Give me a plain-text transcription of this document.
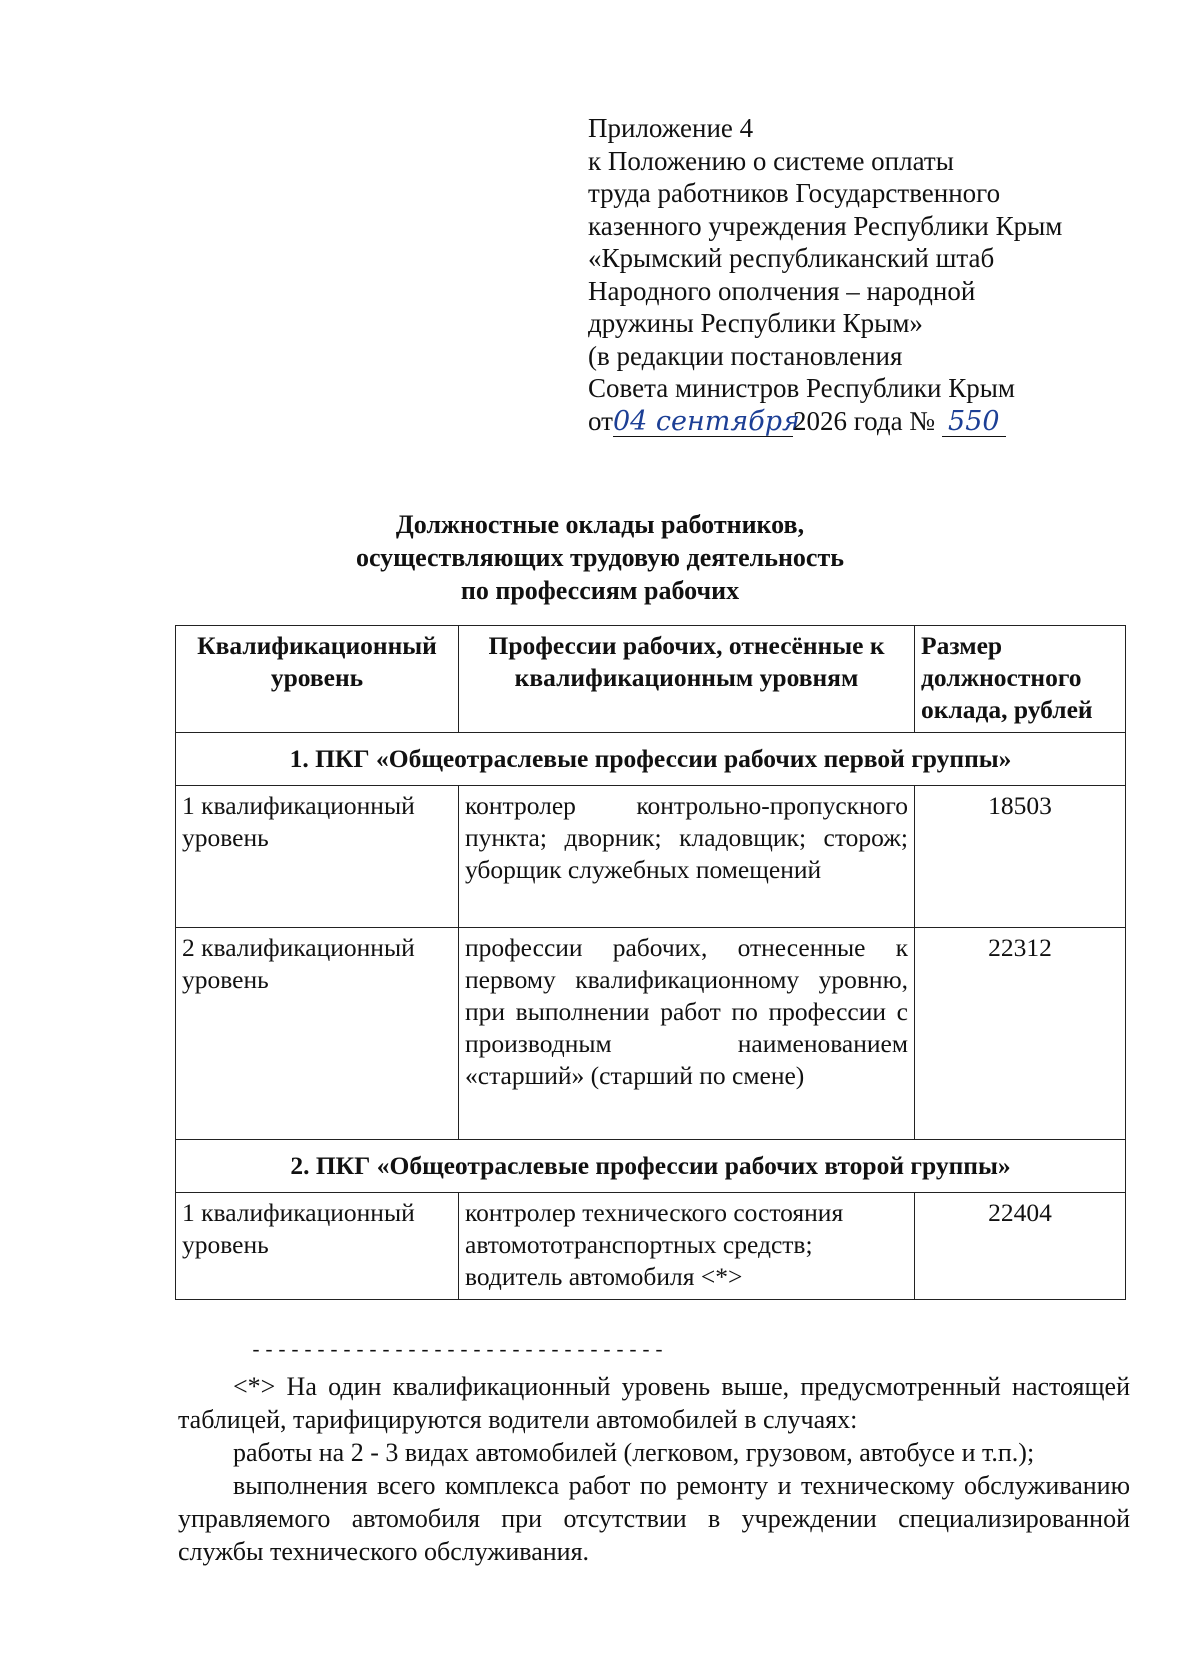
Приложение 4
к Положению о системе оплаты
труда работников Государственного
казенного учреждения Республики Крым
«Крымский республиканский штаб
Народного ополчения – народной
дружины Республики Крым»
(в редакции постановления
Совета министров Республики Крым
от04 сентября2026 года № 550
Должностные оклады работников,
осуществляющих трудовую деятельность
по профессиям рабочих
Квалификационный уровень	Профессии рабочих, отнесённые к квалификационным уровням	Размер должностного оклада, рублей
1. ПКГ «Общеотраслевые профессии рабочих первой группы»		
1 квалификационный уровень	контролер контрольно-пропускного пункта; дворник; кладовщик; сторож; уборщик служебных помещений	18503
2 квалификационный уровень	профессии рабочих, отнесенные к первому квалификационному уровню, при выполнении работ по профессии с производным наименованием «старший» (старший по смене)	22312
2. ПКГ «Общеотраслевые профессии рабочих второй группы»		
1 квалификационный уровень	контролер технического состояния автомототранспортных средств; водитель автомобиля <*>	22404
--------------------------------

<*> На один квалификационный уровень выше, предусмотренный настоящей таблицей, тарифицируются водители автомобилей в случаях:

работы на 2 - 3 видах автомобилей (легковом, грузовом, автобусе и т.п.);

выполнения всего комплекса работ по ремонту и техническому обслуживанию управляемого автомобиля при отсутствии в учреждении специализированной службы технического обслуживания.
